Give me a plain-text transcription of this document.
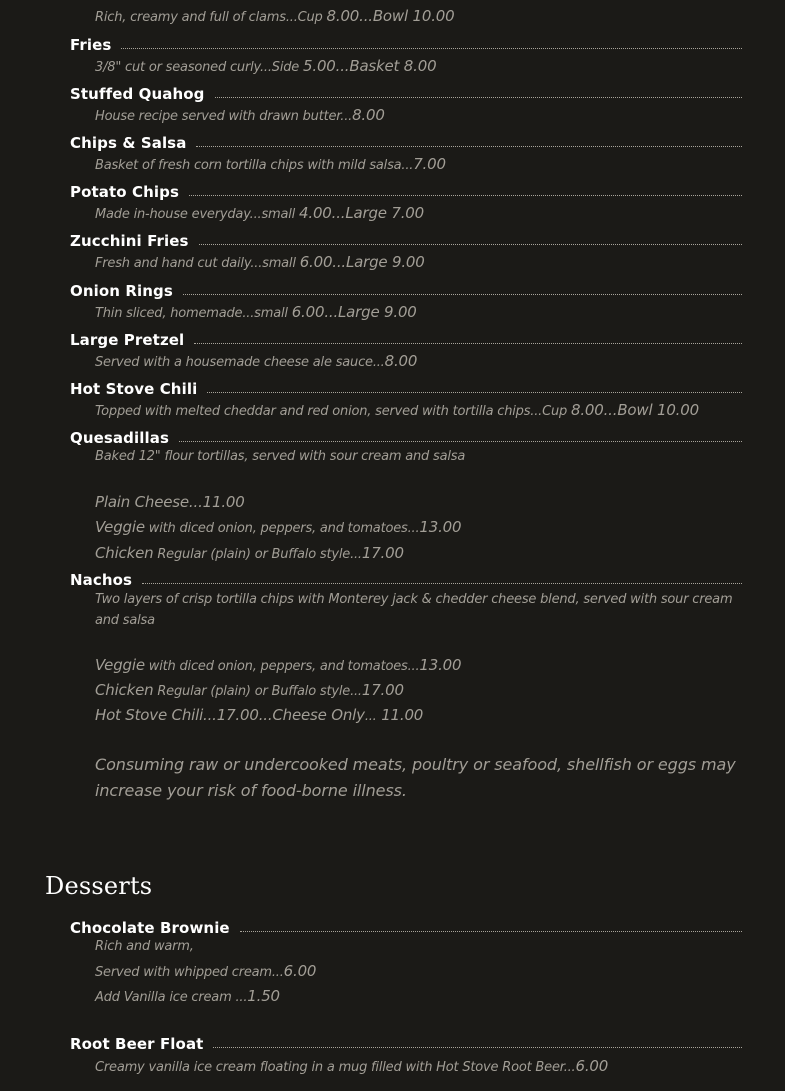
Rich, creamy and full of clams...Cup 8.00...Bowl 10.00
Fries
3/8" cut or seasoned curly...Side 5.00...Basket 8.00
Stuffed Quahog
House recipe served with drawn butter...8.00
Chips & Salsa
Basket of fresh corn tortilla chips with mild salsa...7.00
Potato Chips
Made in-house everyday...small 4.00...Large 7.00
Zucchini Fries
Fresh and hand cut daily...small 6.00...Large 9.00
Onion Rings
Thin sliced, homemade...small 6.00...Large 9.00
Large Pretzel
Served with a housemade cheese ale sauce...8.00
Hot Stove Chili
Topped with melted cheddar and red onion, served with tortilla chips...Cup 8.00...Bowl 10.00
Quesadillas
Baked 12" flour tortillas, served with sour cream and salsa
Plain Cheese...11.00
Veggie with diced onion, peppers, and tomatoes...13.00
Chicken Regular (plain) or Buffalo style...17.00
Nachos
Two layers of crisp tortilla chips with Monterey jack & chedder cheese blend, served with sour cream and salsa
Veggie with diced onion, peppers, and tomatoes...13.00
Chicken Regular (plain) or Buffalo style...17.00
Hot Stove Chili...17.00...Cheese Only... 11.00
Consuming raw or undercooked meats, poultry or seafood, shellfish or eggs may increase your risk of food-borne illness.
Desserts
Chocolate Brownie
Rich and warm,
Served with whipped cream...6.00
Add Vanilla ice cream ...1.50
Root Beer Float
Creamy vanilla ice cream floating in a mug filled with Hot Stove Root Beer...6.00
